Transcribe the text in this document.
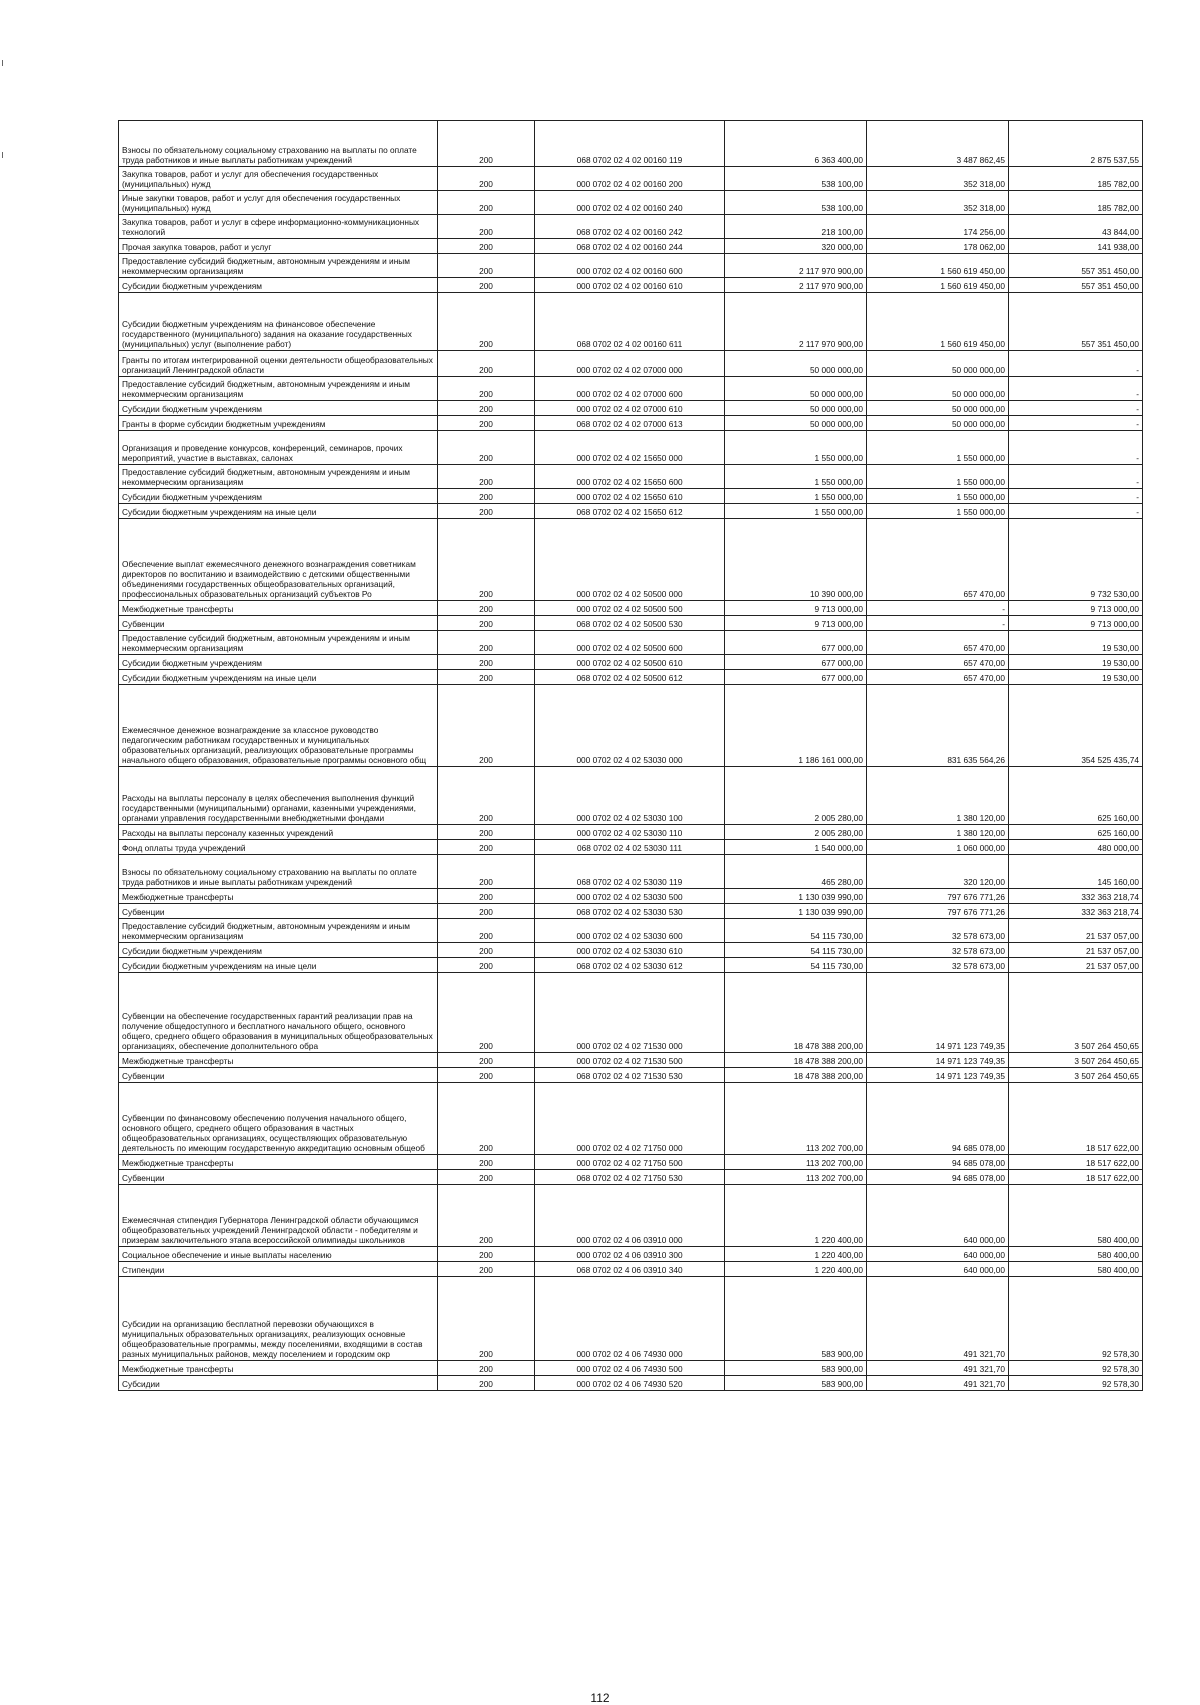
Взносы по обязательному социальному страхованию на выплаты по оплате труда работников и иные выплаты работникам учреждений	200	068 0702 02 4 02 00160 119	6 363 400,00	3 487 862,45	2 875 537,55
Закупка товаров, работ и услуг для обеспечения государственных (муниципальных) нужд	200	000 0702 02 4 02 00160 200	538 100,00	352 318,00	185 782,00
Иные закупки товаров, работ и услуг для обеспечения государственных (муниципальных) нужд	200	000 0702 02 4 02 00160 240	538 100,00	352 318,00	185 782,00
Закупка товаров, работ и услуг в сфере информационно-коммуникационных технологий	200	068 0702 02 4 02 00160 242	218 100,00	174 256,00	43 844,00
Прочая закупка товаров, работ и услуг	200	068 0702 02 4 02 00160 244	320 000,00	178 062,00	141 938,00
Предоставление субсидий бюджетным, автономным учреждениям и иным некоммерческим организациям	200	000 0702 02 4 02 00160 600	2 117 970 900,00	1 560 619 450,00	557 351 450,00
Субсидии бюджетным учреждениям	200	000 0702 02 4 02 00160 610	2 117 970 900,00	1 560 619 450,00	557 351 450,00
Субсидии бюджетным учреждениям на финансовое обеспечение государственного (муниципального) задания на оказание государственных (муниципальных) услуг (выполнение работ)	200	068 0702 02 4 02 00160 611	2 117 970 900,00	1 560 619 450,00	557 351 450,00
Гранты по итогам интегрированной оценки деятельности общеобразовательных организаций Ленинградской области	200	000 0702 02 4 02 07000 000	50 000 000,00	50 000 000,00	-
Предоставление субсидий бюджетным, автономным учреждениям и иным некоммерческим организациям	200	000 0702 02 4 02 07000 600	50 000 000,00	50 000 000,00	-
Субсидии бюджетным учреждениям	200	000 0702 02 4 02 07000 610	50 000 000,00	50 000 000,00	-
Гранты в форме субсидии бюджетным учреждениям	200	068 0702 02 4 02 07000 613	50 000 000,00	50 000 000,00	-
Организация и проведение конкурсов, конференций, семинаров, прочих мероприятий, участие в выставках, салонах	200	000 0702 02 4 02 15650 000	1 550 000,00	1 550 000,00	-
Предоставление субсидий бюджетным, автономным учреждениям и иным некоммерческим организациям	200	000 0702 02 4 02 15650 600	1 550 000,00	1 550 000,00	-
Субсидии бюджетным учреждениям	200	000 0702 02 4 02 15650 610	1 550 000,00	1 550 000,00	-
Субсидии бюджетным учреждениям на иные цели	200	068 0702 02 4 02 15650 612	1 550 000,00	1 550 000,00	-
Обеспечение выплат ежемесячного денежного вознаграждения советникам директоров по воспитанию и взаимодействию с детскими общественными объединениями государственных общеобразовательных организаций, профессиональных образовательных организаций субъектов Ро	200	000 0702 02 4 02 50500 000	10 390 000,00	657 470,00	9 732 530,00
Межбюджетные трансферты	200	000 0702 02 4 02 50500 500	9 713 000,00	-	9 713 000,00
Субвенции	200	068 0702 02 4 02 50500 530	9 713 000,00	-	9 713 000,00
Предоставление субсидий бюджетным, автономным учреждениям и иным некоммерческим организациям	200	000 0702 02 4 02 50500 600	677 000,00	657 470,00	19 530,00
Субсидии бюджетным учреждениям	200	000 0702 02 4 02 50500 610	677 000,00	657 470,00	19 530,00
Субсидии бюджетным учреждениям на иные цели	200	068 0702 02 4 02 50500 612	677 000,00	657 470,00	19 530,00
Ежемесячное денежное вознаграждение за классное руководство педагогическим работникам государственных и муниципальных образовательных организаций, реализующих образовательные программы начального общего образования, образовательные программы основного общ	200	000 0702 02 4 02 53030 000	1 186 161 000,00	831 635 564,26	354 525 435,74
Расходы на выплаты персоналу в целях обеспечения выполнения функций государственными (муниципальными) органами, казенными учреждениями, органами управления государственными внебюджетными фондами	200	000 0702 02 4 02 53030 100	2 005 280,00	1 380 120,00	625 160,00
Расходы на выплаты персоналу казенных учреждений	200	000 0702 02 4 02 53030 110	2 005 280,00	1 380 120,00	625 160,00
Фонд оплаты труда учреждений	200	068 0702 02 4 02 53030 111	1 540 000,00	1 060 000,00	480 000,00
Взносы по обязательному социальному страхованию на выплаты по оплате труда работников и иные выплаты работникам учреждений	200	068 0702 02 4 02 53030 119	465 280,00	320 120,00	145 160,00
Межбюджетные трансферты	200	000 0702 02 4 02 53030 500	1 130 039 990,00	797 676 771,26	332 363 218,74
Субвенции	200	068 0702 02 4 02 53030 530	1 130 039 990,00	797 676 771,26	332 363 218,74
Предоставление субсидий бюджетным, автономным учреждениям и иным некоммерческим организациям	200	000 0702 02 4 02 53030 600	54 115 730,00	32 578 673,00	21 537 057,00
Субсидии бюджетным учреждениям	200	000 0702 02 4 02 53030 610	54 115 730,00	32 578 673,00	21 537 057,00
Субсидии бюджетным учреждениям на иные цели	200	068 0702 02 4 02 53030 612	54 115 730,00	32 578 673,00	21 537 057,00
Субвенции на обеспечение государственных гарантий реализации прав на получение общедоступного и бесплатного начального общего, основного общего, среднего общего образования в муниципальных общеобразовательных организациях, обеспечение дополнительного обра	200	000 0702 02 4 02 71530 000	18 478 388 200,00	14 971 123 749,35	3 507 264 450,65
Межбюджетные трансферты	200	000 0702 02 4 02 71530 500	18 478 388 200,00	14 971 123 749,35	3 507 264 450,65
Субвенции	200	068 0702 02 4 02 71530 530	18 478 388 200,00	14 971 123 749,35	3 507 264 450,65
Субвенции по финансовому обеспечению получения начального общего, основного общего, среднего общего образования в частных общеобразовательных организациях, осуществляющих образовательную деятельность по имеющим государственную аккредитацию основным общеоб	200	000 0702 02 4 02 71750 000	113 202 700,00	94 685 078,00	18 517 622,00
Межбюджетные трансферты	200	000 0702 02 4 02 71750 500	113 202 700,00	94 685 078,00	18 517 622,00
Субвенции	200	068 0702 02 4 02 71750 530	113 202 700,00	94 685 078,00	18 517 622,00
Ежемесячная стипендия Губернатора Ленинградской области обучающимся общеобразовательных учреждений Ленинградской области - победителям и призерам заключительного этапа всероссийской олимпиады школьников	200	000 0702 02 4 06 03910 000	1 220 400,00	640 000,00	580 400,00
Социальное обеспечение и иные выплаты населению	200	000 0702 02 4 06 03910 300	1 220 400,00	640 000,00	580 400,00
Стипендии	200	068 0702 02 4 06 03910 340	1 220 400,00	640 000,00	580 400,00
Субсидии на организацию бесплатной перевозки обучающихся в муниципальных образовательных организациях, реализующих основные общеобразовательные программы, между поселениями, входящими в состав разных муниципальных районов, между поселением и городским окр	200	000 0702 02 4 06 74930 000	583 900,00	491 321,70	92 578,30
Межбюджетные трансферты	200	000 0702 02 4 06 74930 500	583 900,00	491 321,70	92 578,30
Субсидии	200	000 0702 02 4 06 74930 520	583 900,00	491 321,70	92 578,30
112
